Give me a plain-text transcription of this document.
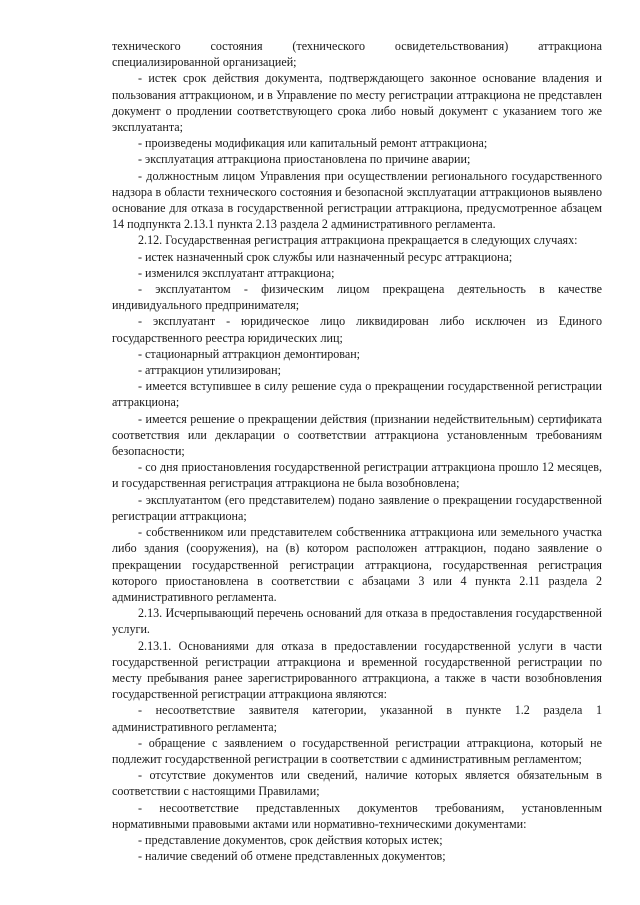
технического состояния (технического освидетельствования) аттракциона специализированной организацией;

- истек срок действия документа, подтверждающего законное основание владения и пользования аттракционом, и в Управление по месту регистрации аттракциона не представлен документ о продлении соответствующего срока либо новый документ с указанием того же эксплуатанта;

- произведены модификация или капитальный ремонт аттракциона;

- эксплуатация аттракциона приостановлена по причине аварии;

- должностным лицом Управления при осуществлении регионального государственного надзора в области технического состояния и безопасной эксплуатации аттракционов выявлено основание для отказа в государственной регистрации аттракциона, предусмотренное абзацем 14 подпункта 2.13.1 пункта 2.13 раздела 2 административного регламента.

2.12. Государственная регистрация аттракциона прекращается в следующих случаях:

- истек назначенный срок службы или назначенный ресурс аттракциона;

- изменился эксплуатант аттракциона;

- эксплуатантом - физическим лицом прекращена деятельность в качестве индивидуального предпринимателя;

- эксплуатант - юридическое лицо ликвидирован либо исключен из Единого государственного реестра юридических лиц;

- стационарный аттракцион демонтирован;

- аттракцион утилизирован;

- имеется вступившее в силу решение суда о прекращении государственной регистрации аттракциона;

- имеется решение о прекращении действия (признании недействительным) сертификата соответствия или декларации о соответствии аттракциона установленным требованиям безопасности;

- со дня приостановления государственной регистрации аттракциона прошло 12 месяцев, и государственная регистрация аттракциона не была возобновлена;

- эксплуатантом (его представителем) подано заявление о прекращении государственной регистрации аттракциона;

- собственником или представителем собственника аттракциона или земельного участка либо здания (сооружения), на (в) котором расположен аттракцион, подано заявление о прекращении государственной регистрации аттракциона, государственная регистрация которого приостановлена в соответствии с абзацами 3 или 4 пункта 2.11 раздела 2 административного регламента.

2.13. Исчерпывающий перечень оснований для отказа в предоставления государственной услуги.

2.13.1. Основаниями для отказа в предоставлении государственной услуги в части государственной регистрации аттракциона и временной государственной регистрации по месту пребывания ранее зарегистрированного аттракциона, а также в части возобновления государственной регистрации аттракциона являются:

- несоответствие заявителя категории, указанной в пункте 1.2 раздела 1 административного регламента;

- обращение с заявлением о государственной регистрации аттракциона, который не подлежит государственной регистрации в соответствии с административным регламентом;

- отсутствие документов или сведений, наличие которых является обязательным в соответствии с настоящими Правилами;

- несоответствие представленных документов требованиям, установленным нормативными правовыми актами или нормативно-техническими документами:

- представление документов, срок действия которых истек;

- наличие сведений об отмене представленных документов;
